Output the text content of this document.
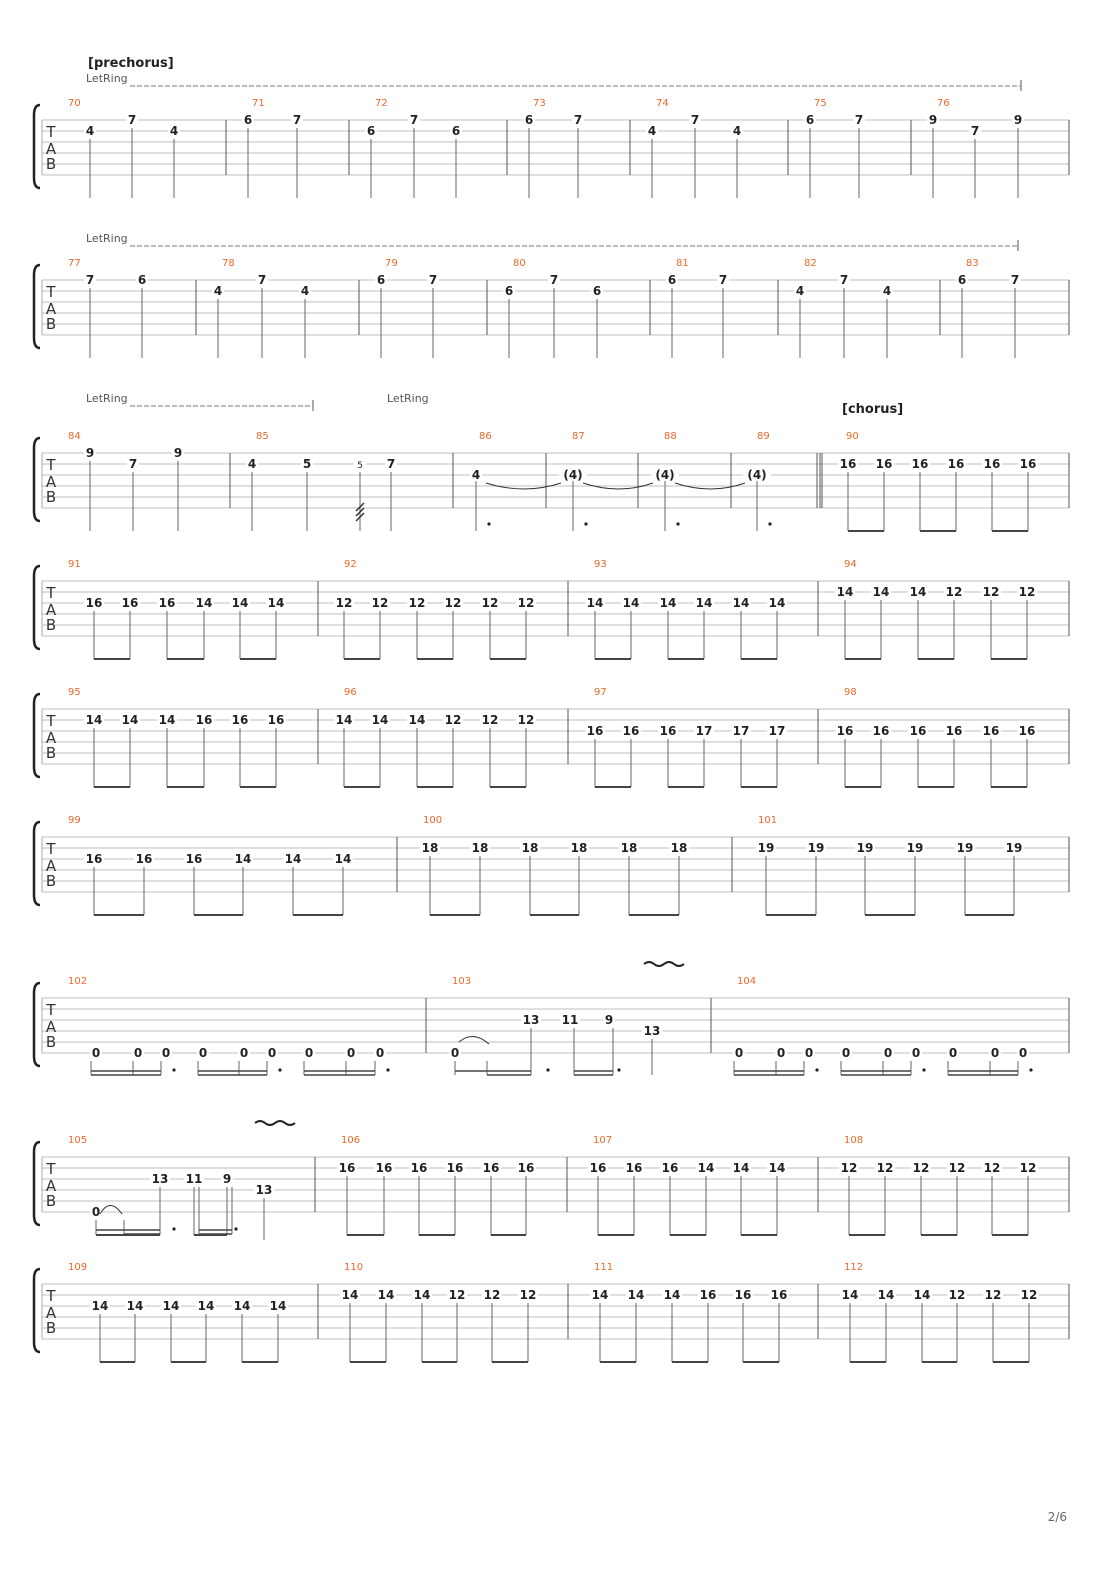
T
A
B
[prechorus]
LetRing
70
4
7
4
71
6	7
72
6
7
6
73
6	7
74
4
7
4
75
6	7
76
9
7
9
T
A
B
LetRing
77
7	6
78
4
7
4
79
6	7
80
6
7
6
81
6	7
82
4
7
4
83
6	7
T
A
B
[chorus]
LetRing	LetRing
84
9
7
9
85
4	5	5 7
86
4
87
(4)
88
(4)
89
(4)
90
16 16 16 16 16 16
T
A
B
91
16 16 16 14 14 14
92
12 12 12 12 12 12
93
14 14 14 14 14 14
94
14 14 14 12 12 12
T
A
B
95
14 14 14 16 16 16
96
14 14 14 12 12 12
97
16 16 16 17 17 17
98
16 16 16 16 16 16
T
A
B
99
16	16	16	14	14	14
100
18	18	18	18	18	18
101
19	19	19	19	19	19
T
A
B
102
0	0 0 0	0 0 0	0 0
103
0
13 11 9
13
104
0	0 0 0	0 0 0	0 0
T
A
B
105
0
13 11 9
13
106
16 16 16 16 16 16
107
16 16 16 14 14 14
108
12 12 12 12 12 12
T
A
B
109
14 14 14 14 14 14
110
14 14 14 12 12 12
111
14 14 14 16 16 16
112
14 14 14 12 12 12
2/6
